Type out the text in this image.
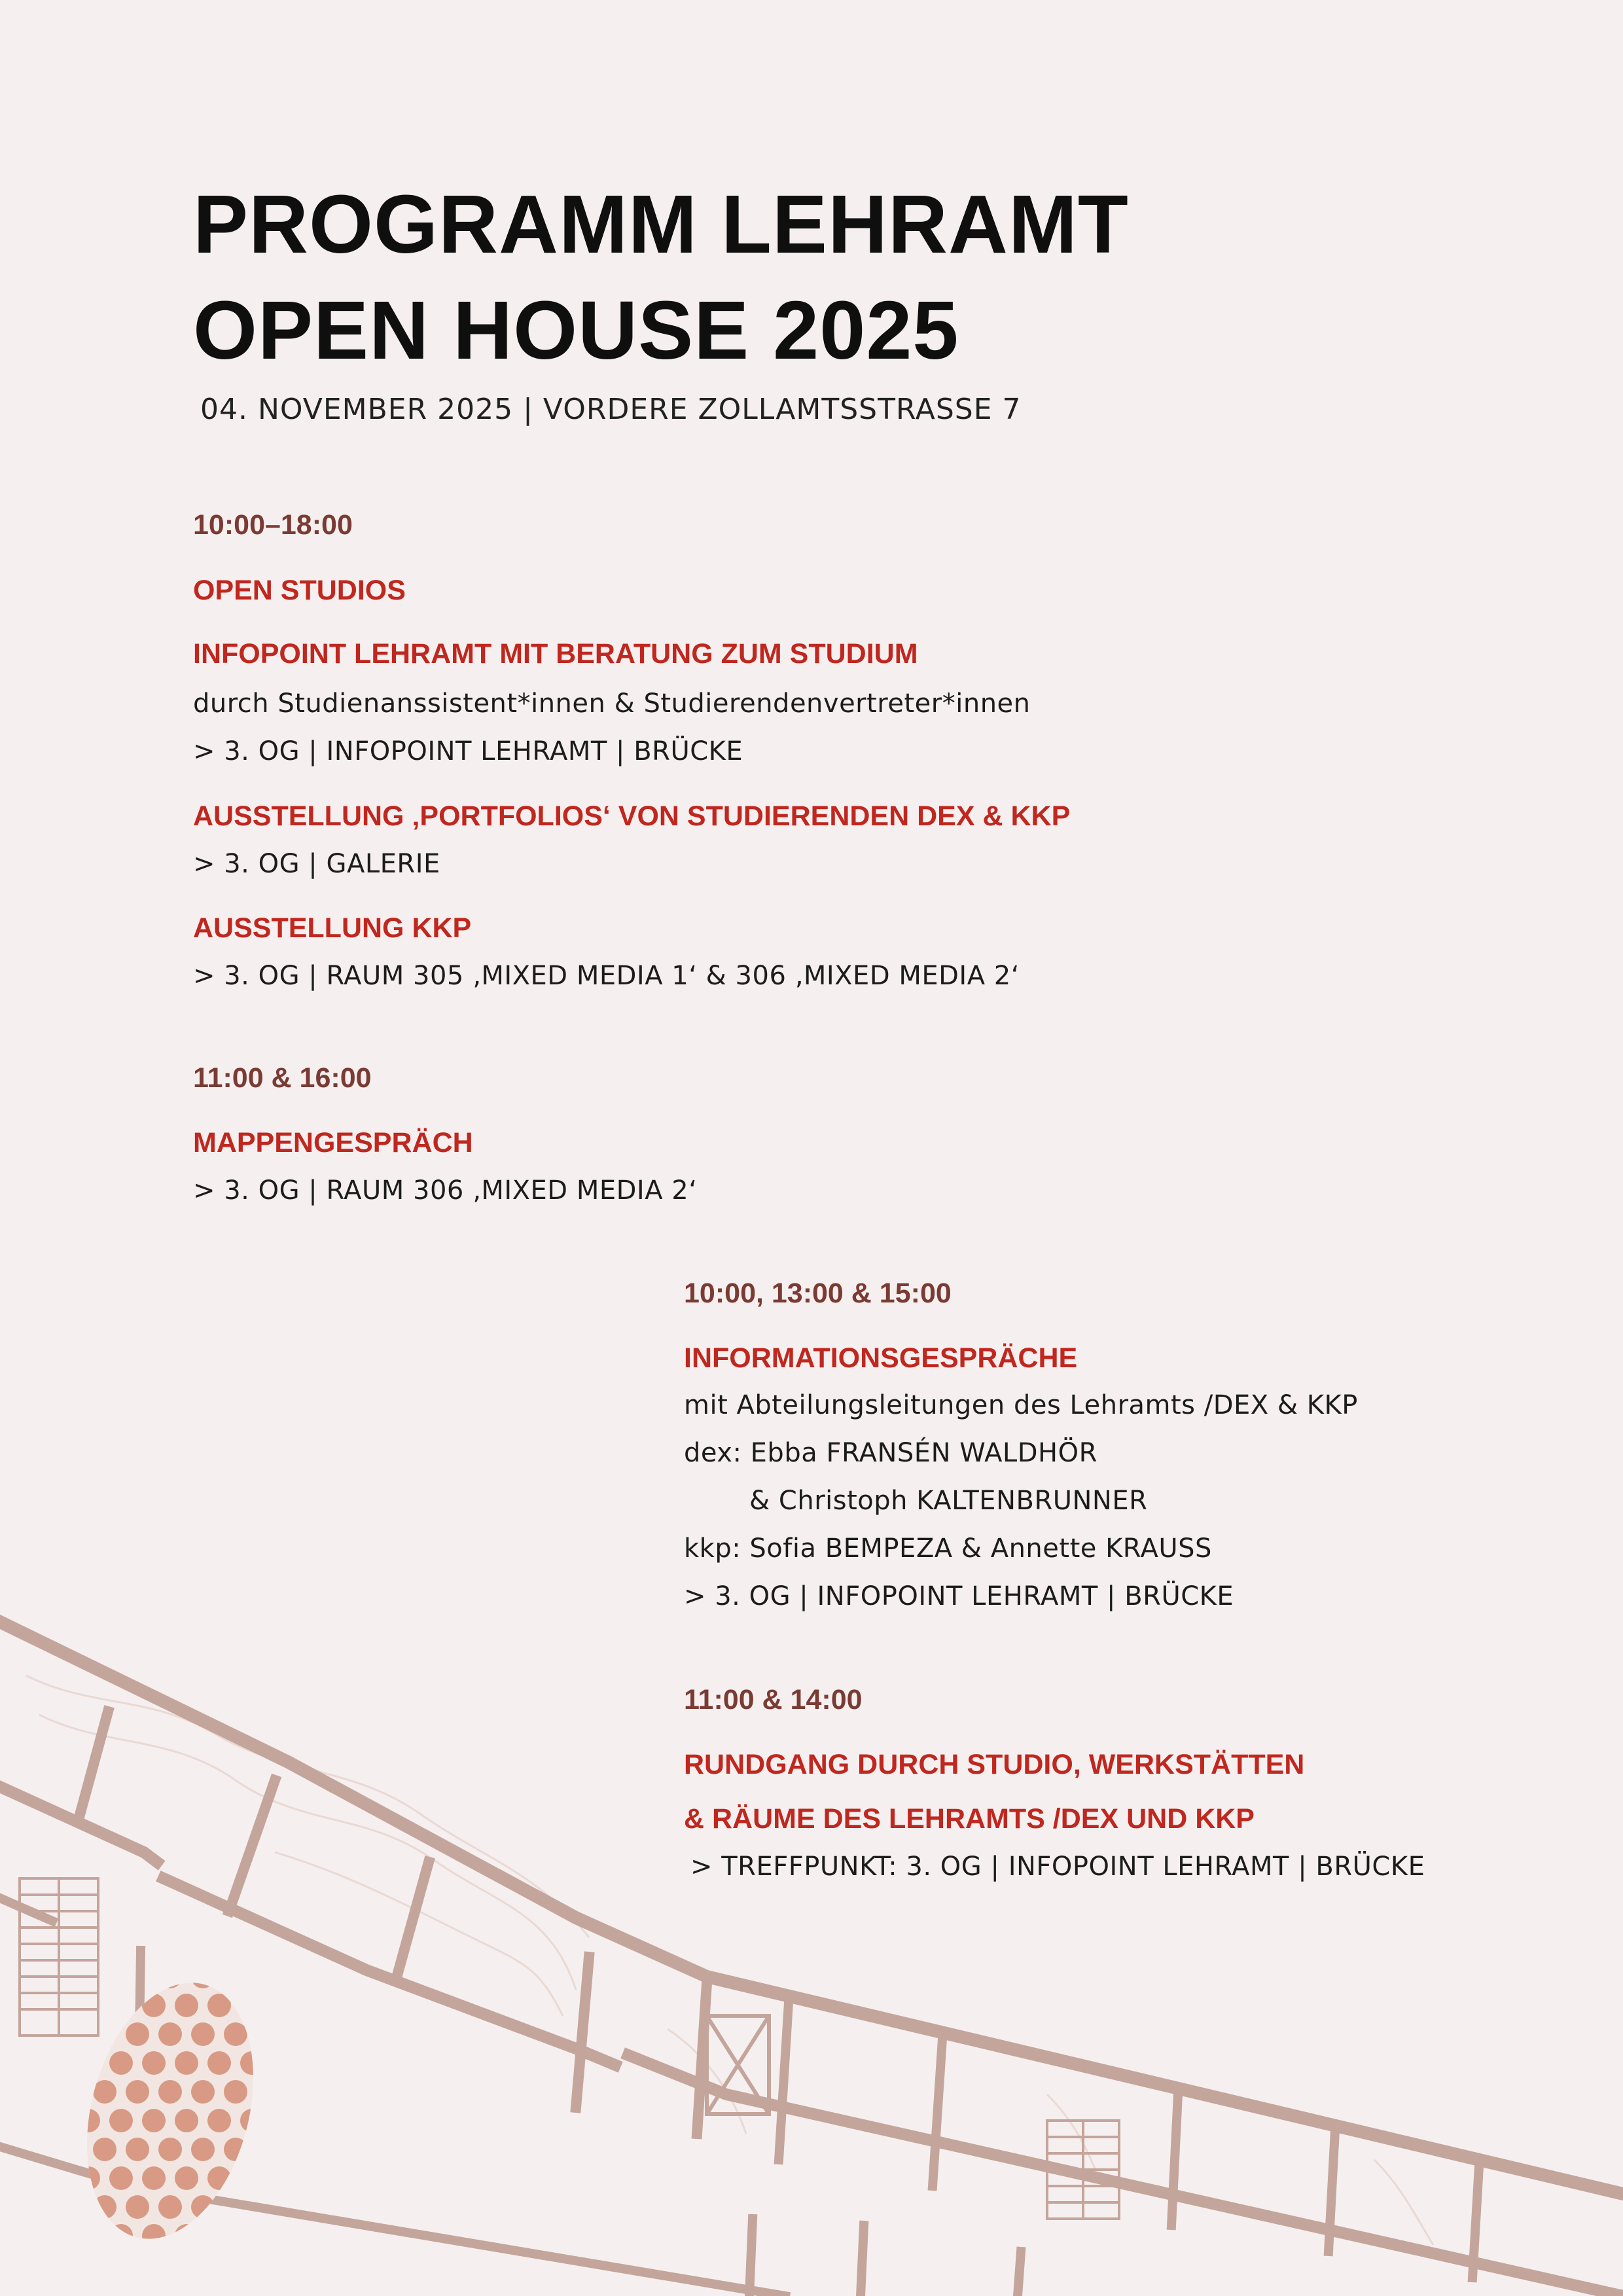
PROGRAMM LEHRAMT
OPEN HOUSE 2025
04. NOVEMBER 2025 | VORDERE ZOLLAMTSSTRASSE 7
10:00–18:00
OPEN STUDIOS
INFOPOINT LEHRAMT MIT BERATUNG ZUM STUDIUM
durch Studienanssistent*innen & Studierendenvertreter*innen
> 3. OG | INFOPOINT LEHRAMT | BRÜCKE
AUSSTELLUNG ‚PORTFOLIOS‘ VON STUDIERENDEN DEX & KKP
> 3. OG | GALERIE
AUSSTELLUNG KKP
> 3. OG | RAUM 305 ‚MIXED MEDIA 1‘ & 306 ‚MIXED MEDIA 2‘
11:00 & 16:00
MAPPENGESPRÄCH
> 3. OG | RAUM 306 ‚MIXED MEDIA 2‘
10:00, 13:00 & 15:00
INFORMATIONSGESPRÄCHE
mit Abteilungsleitungen des Lehramts /DEX & KKP
dex: Ebba FRANSÉN WALDHÖR
& Christoph KALTENBRUNNER
kkp: Sofia BEMPEZA & Annette KRAUSS
> 3. OG | INFOPOINT LEHRAMT | BRÜCKE
11:00 & 14:00
RUNDGANG DURCH STUDIO, WERKSTÄTTEN
& RÄUME DES LEHRAMTS /DEX UND KKP
> TREFFPUNKT: 3. OG | INFOPOINT LEHRAMT | BRÜCKE
